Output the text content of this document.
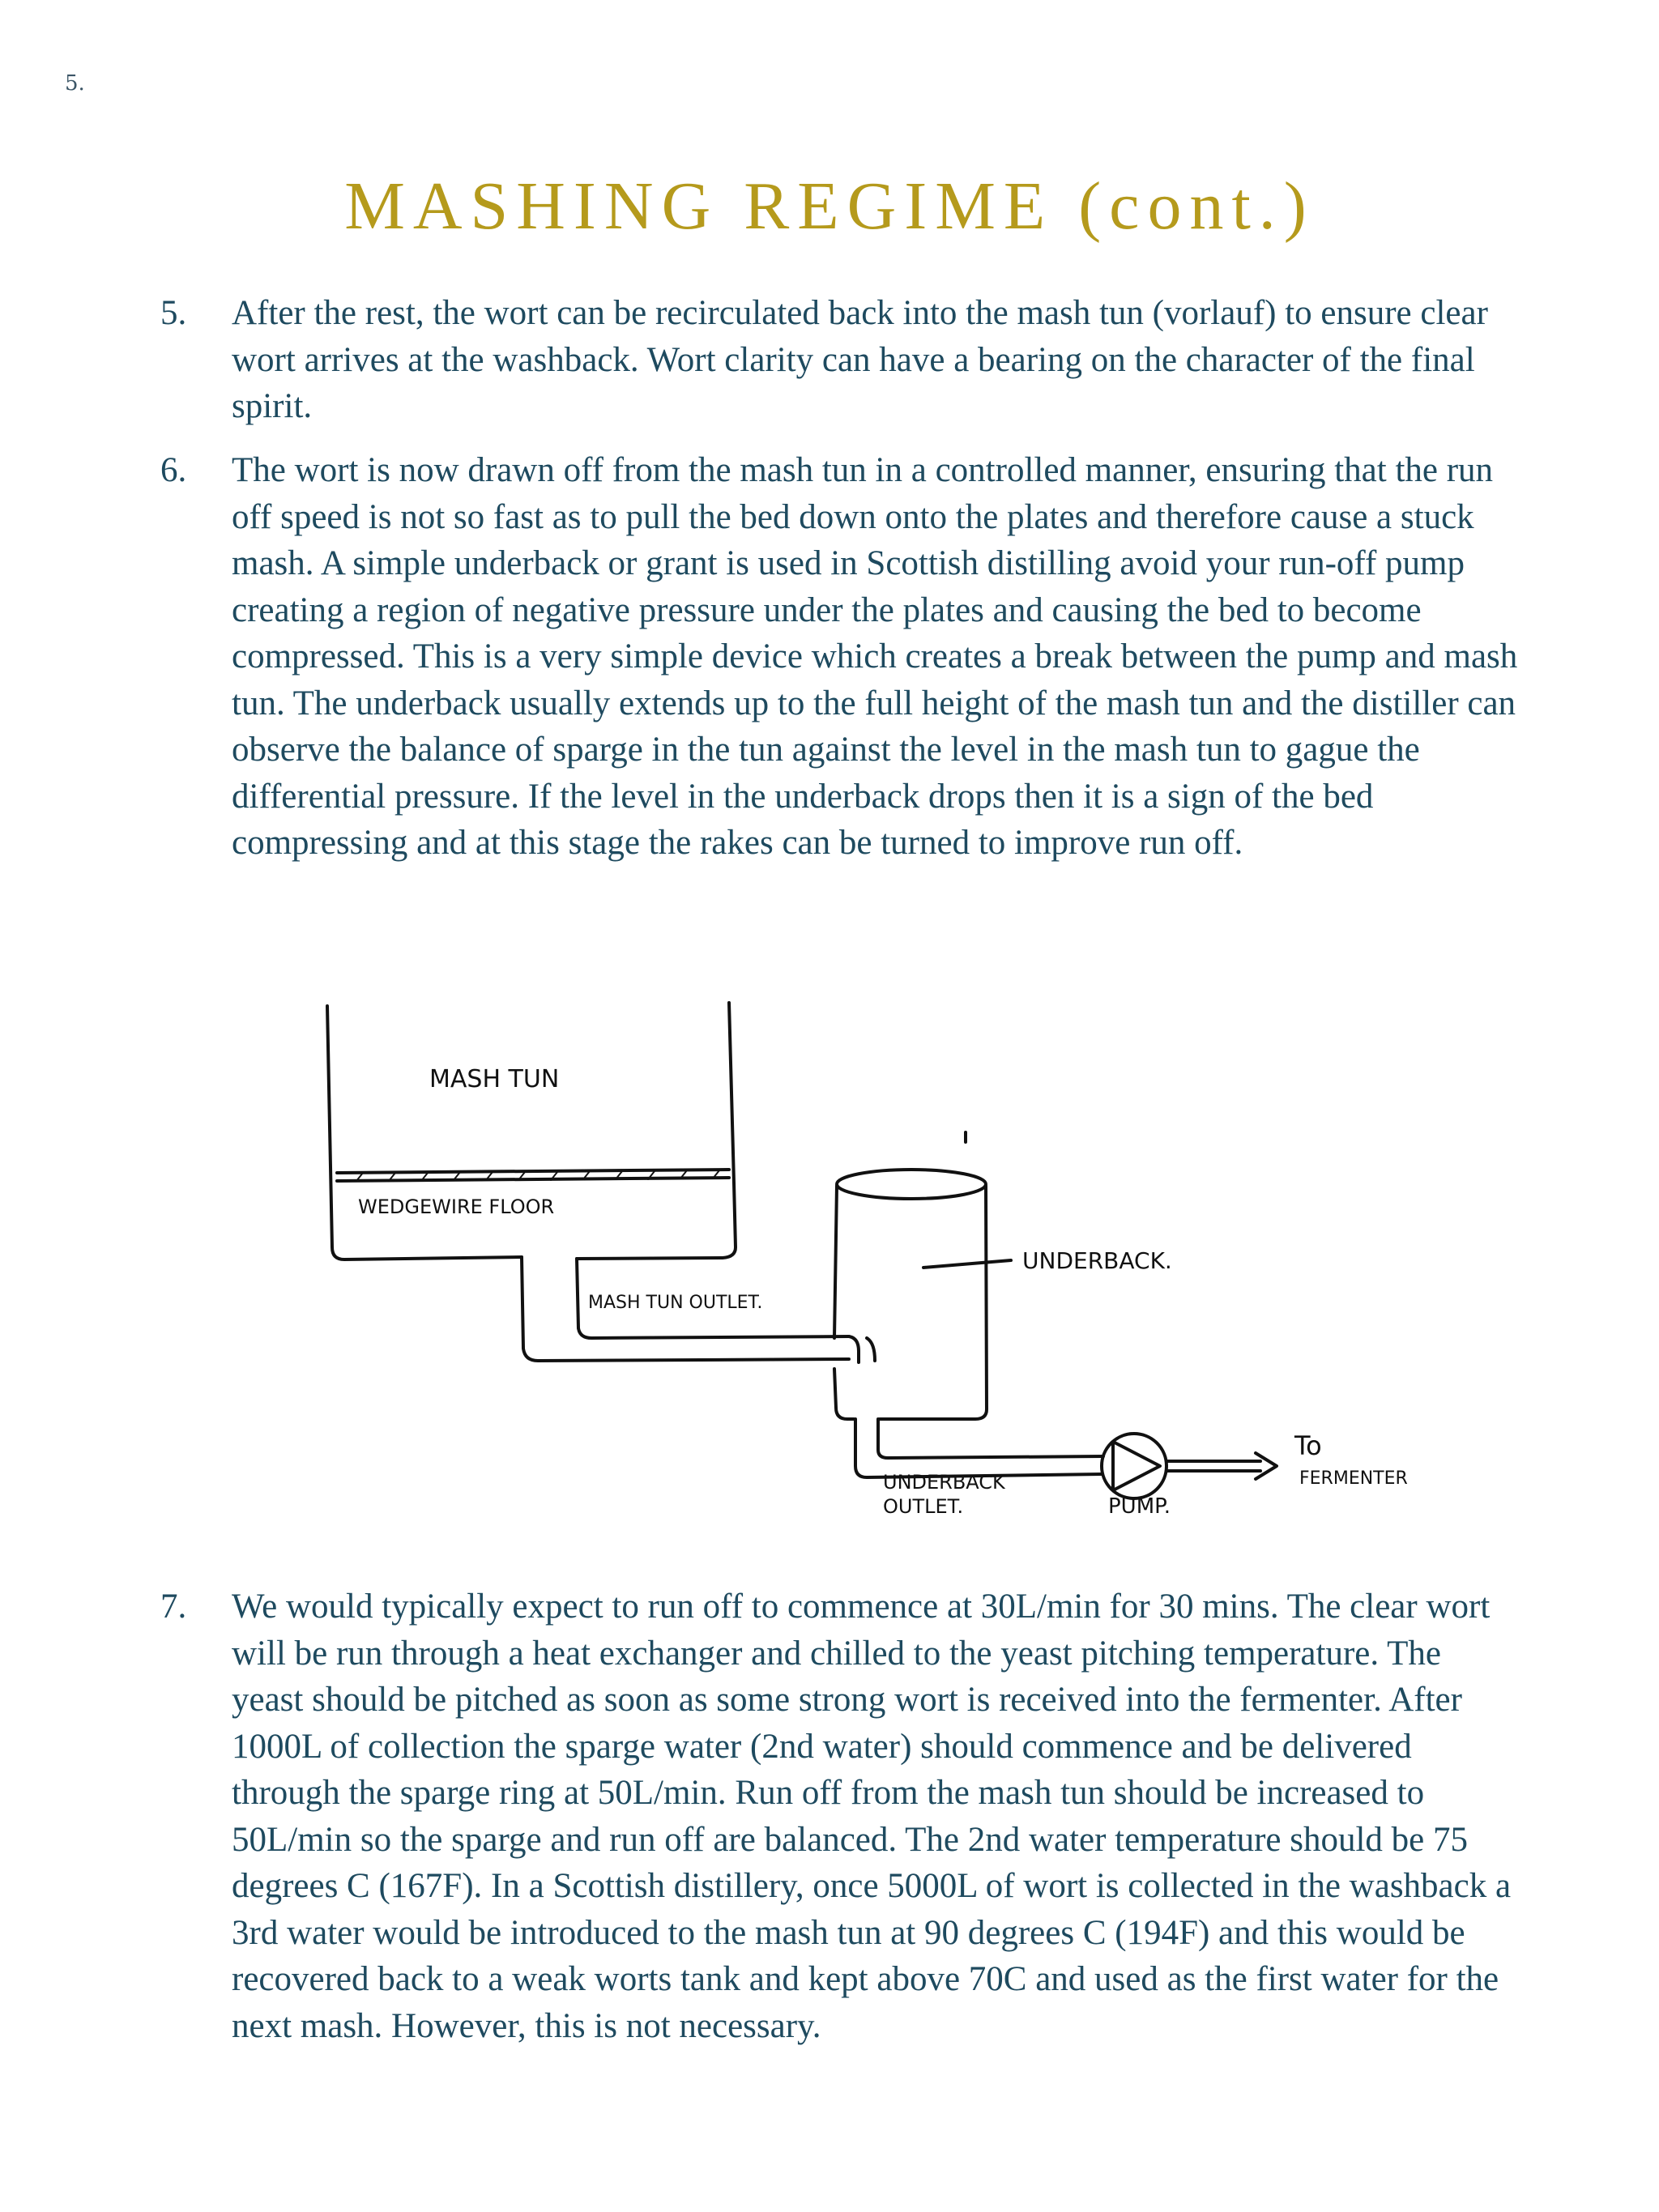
5.
MASHING REGIME (cont.)
5. After the rest, the wort can be recirculated back into the mash tun (vorlauf) to ensure clear wort arrives at the washback. Wort clarity can have a bearing on the character of the final spirit.
6. The wort is now drawn off from the mash tun in a controlled manner, ensuring that the run off speed is not so fast as to pull the bed down onto the plates and therefore cause a stuck mash. A simple underback or grant is used in Scottish distilling avoid your run-off pump creating a region of negative pressure under the plates and causing the bed to become compressed. This is a very simple device which creates a break between the pump and mash tun. The underback usually extends up to the full height of the mash tun and the distiller can observe the balance of sparge in the tun against the level in the mash tun to gague the differential pressure. If the level in the underback drops then it is a sign of the bed compressing and at this stage the rakes can be turned to improve run off.
MASH TUN
WEDGEWIRE FLOOR
MASH TUN OUTLET.
UNDERBACK.
UNDERBACK
OUTLET.	PUMP.
To
FERMENTER
7. We would typically expect to run off to commence at 30L/min for 30 mins. The clear wort will be run through a heat exchanger and chilled to the yeast pitching temperature. The yeast should be pitched as soon as some strong wort is received into the fermenter. After 1000L of collection the sparge water (2nd water) should commence and be delivered through the sparge ring at 50L/min. Run off from the mash tun should be increased to 50L/min so the sparge and run off are balanced. The 2nd water temperature should be 75 degrees C (167F). In a Scottish distillery, once 5000L of wort is collected in the washback a 3rd water would be introduced to the mash tun at 90 degrees C (194F) and this would be recovered back to a weak worts tank and kept above 70C and used as the first water for the next mash. However, this is not necessary.
